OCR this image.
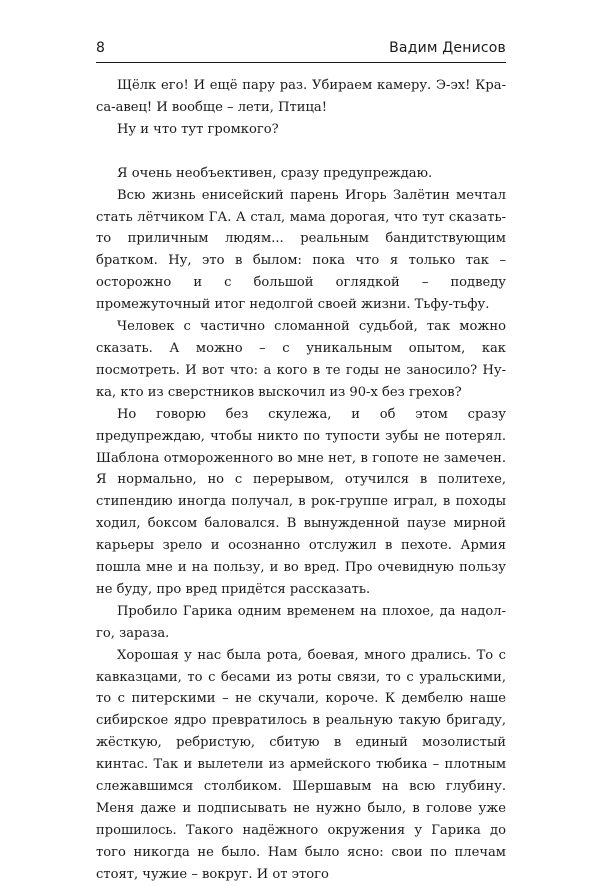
8	Вадим Денисов

Щёлк его! И ещё пару раз. Убираем камеру. Э-эх! Краса-авец! И вообще – лети, Птица!

Ну и что тут громкого?

Я очень необъективен, сразу предупреждаю.

Всю жизнь енисейский парень Игорь Залётин мечтал стать лётчиком ГА. А стал, мама дорогая, что тут сказать-то приличным людям... реальным бандитствующим братком. Ну, это в былом: пока что я только так – осторожно и с большой оглядкой – подведу промежуточный итог недолгой своей жизни. Тьфу-тьфу.

Человек с частично сломанной судьбой, так можно сказать. А можно – с уникальным опытом, как посмотреть. И вот что: а кого в те годы не заносило? Ну-ка, кто из сверстников выскочил из 90-х без грехов?

Но говорю без скулежа, и об этом сразу предупреждаю, чтобы никто по тупости зубы не потерял. Шаблона отмороженного во мне нет, в гопоте не замечен. Я нормально, но с перерывом, отучился в политехе, стипендию иногда получал, в рок-группе играл, в походы ходил, боксом баловался. В вынужденной паузе мирной карьеры зрело и осознанно отслужил в пехоте. Армия пошла мне и на пользу, и во вред. Про очевидную пользу не буду, про вред придётся рассказать.

Пробило Гарика одним временем на плохое, да надолго, зараза.

Хорошая у нас была рота, боевая, много дрались. То с кавказцами, то с бесами из роты связи, то с уральскими, то с питерскими – не скучали, короче. К дембелю наше сибирское ядро превратилось в реальную такую бригаду, жёсткую, ребристую, сбитую в единый мозолистый кинтас. Так и вылетели из армейского тюбика – плотным слежавшимся столбиком. Шершавым на всю глубину. Меня даже и подписывать не нужно было, в голове уже прошилось. Такого надёжного окружения у Гарика до того никогда не было. Нам было ясно: свои по плечам стоят, чужие – вокруг. И от этого
